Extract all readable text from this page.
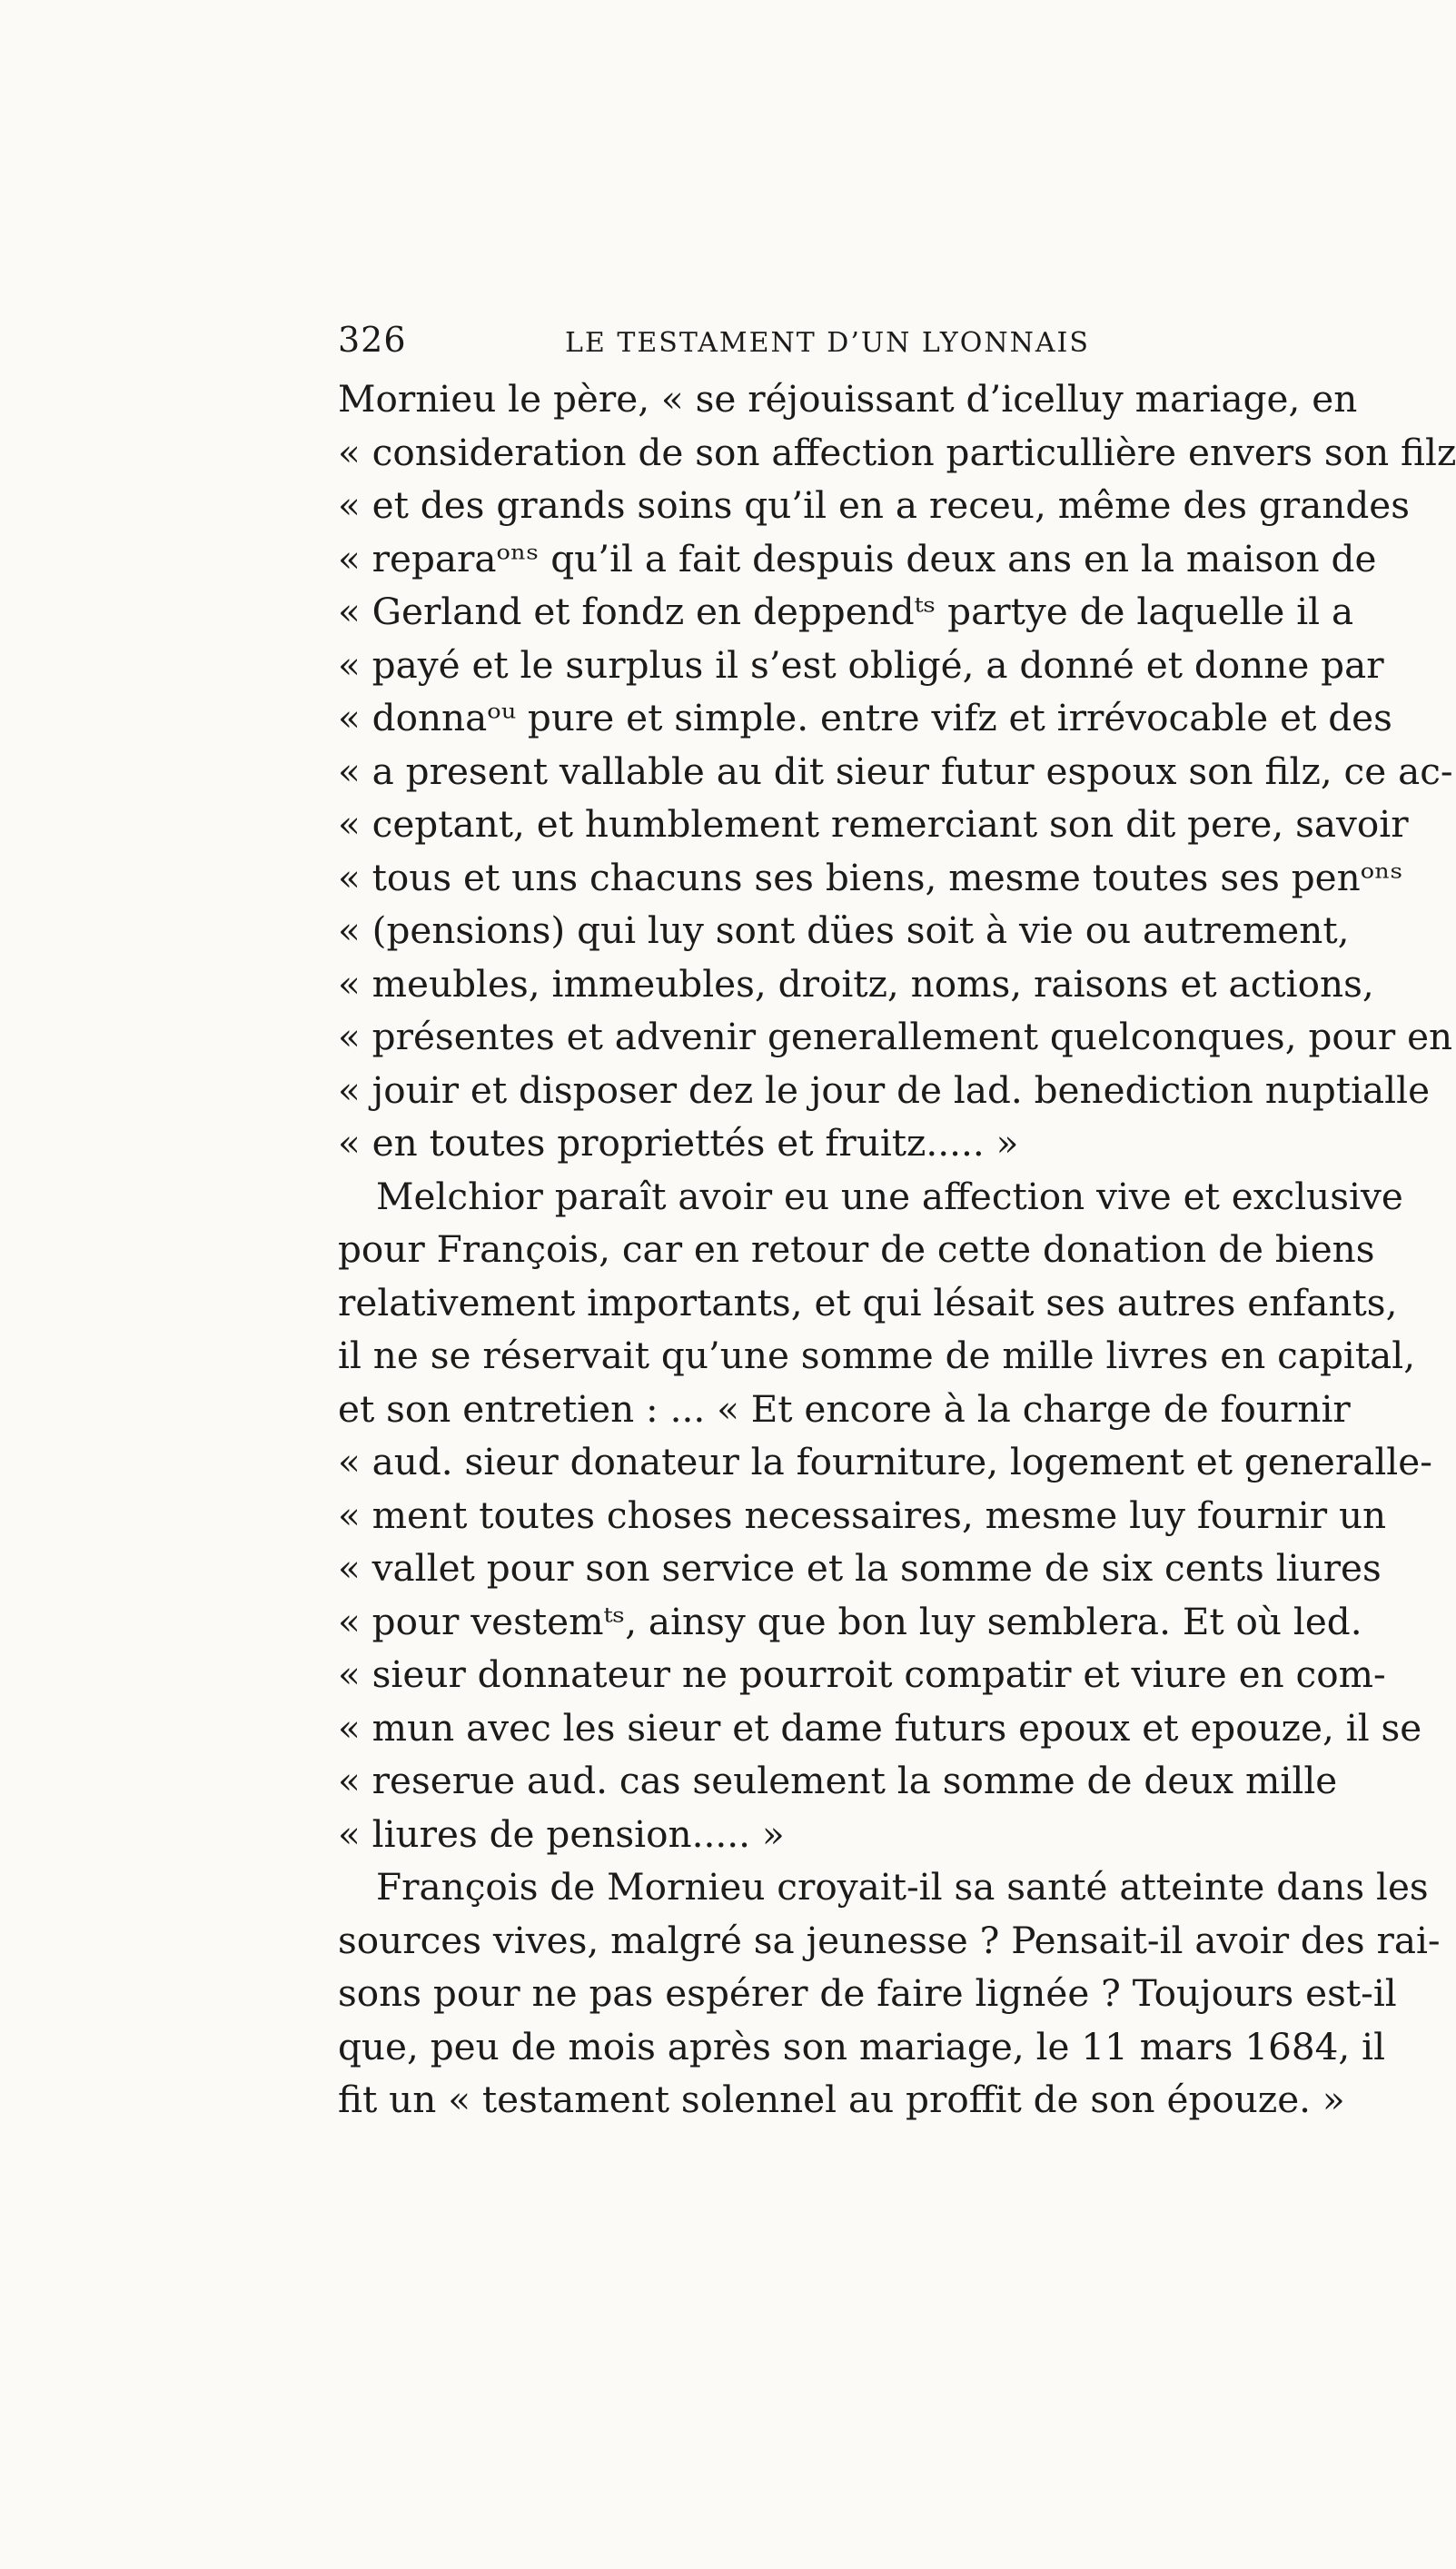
326	LE TESTAMENT D’UN LYONNAIS
Mornieu le père, « se réjouissant d’icelluy mariage, en
« consideration de son affection particullière envers son filz
« et des grands soins qu’il en a receu, même des grandes
« reparaᵒⁿˢ qu’il a fait despuis deux ans en la maison de
« Gerland et fondz en deppendᵗˢ partye de laquelle il a
« payé et le surplus il s’est obligé, a donné et donne par
« donnaᵒᵘ pure et simple. entre vifz et irrévocable et des
« a present vallable au dit sieur futur espoux son filz, ce ac-
« ceptant, et humblement remerciant son dit pere, savoir
« tous et uns chacuns ses biens, mesme toutes ses penᵒⁿˢ
« (pensions) qui luy sont dües soit à vie ou autrement,
« meubles, immeubles, droitz, noms, raisons et actions,
« présentes et advenir generallement quelconques, pour en
« jouir et disposer dez le jour de lad. benediction nuptialle
« en toutes propriettés et fruitz..... »
Melchior paraît avoir eu une affection vive et exclusive
pour François, car en retour de cette donation de biens
relativement importants, et qui lésait ses autres enfants,
il ne se réservait qu’une somme de mille livres en capital,
et son entretien : ... « Et encore à la charge de fournir
« aud. sieur donateur la fourniture, logement et generalle-
« ment toutes choses necessaires, mesme luy fournir un
« vallet pour son service et la somme de six cents liures
« pour vestemᵗˢ, ainsy que bon luy semblera. Et où led.
« sieur donnateur ne pourroit compatir et viure en com-
« mun avec les sieur et dame futurs epoux et epouze, il se
« reserue aud. cas seulement la somme de deux mille
« liures de pension..... »
François de Mornieu croyait-il sa santé atteinte dans les
sources vives, malgré sa jeunesse ? Pensait-il avoir des rai-
sons pour ne pas espérer de faire lignée ? Toujours est-il
que, peu de mois après son mariage, le 11 mars 1684, il
fit un « testament solennel au proffit de son épouze. »
